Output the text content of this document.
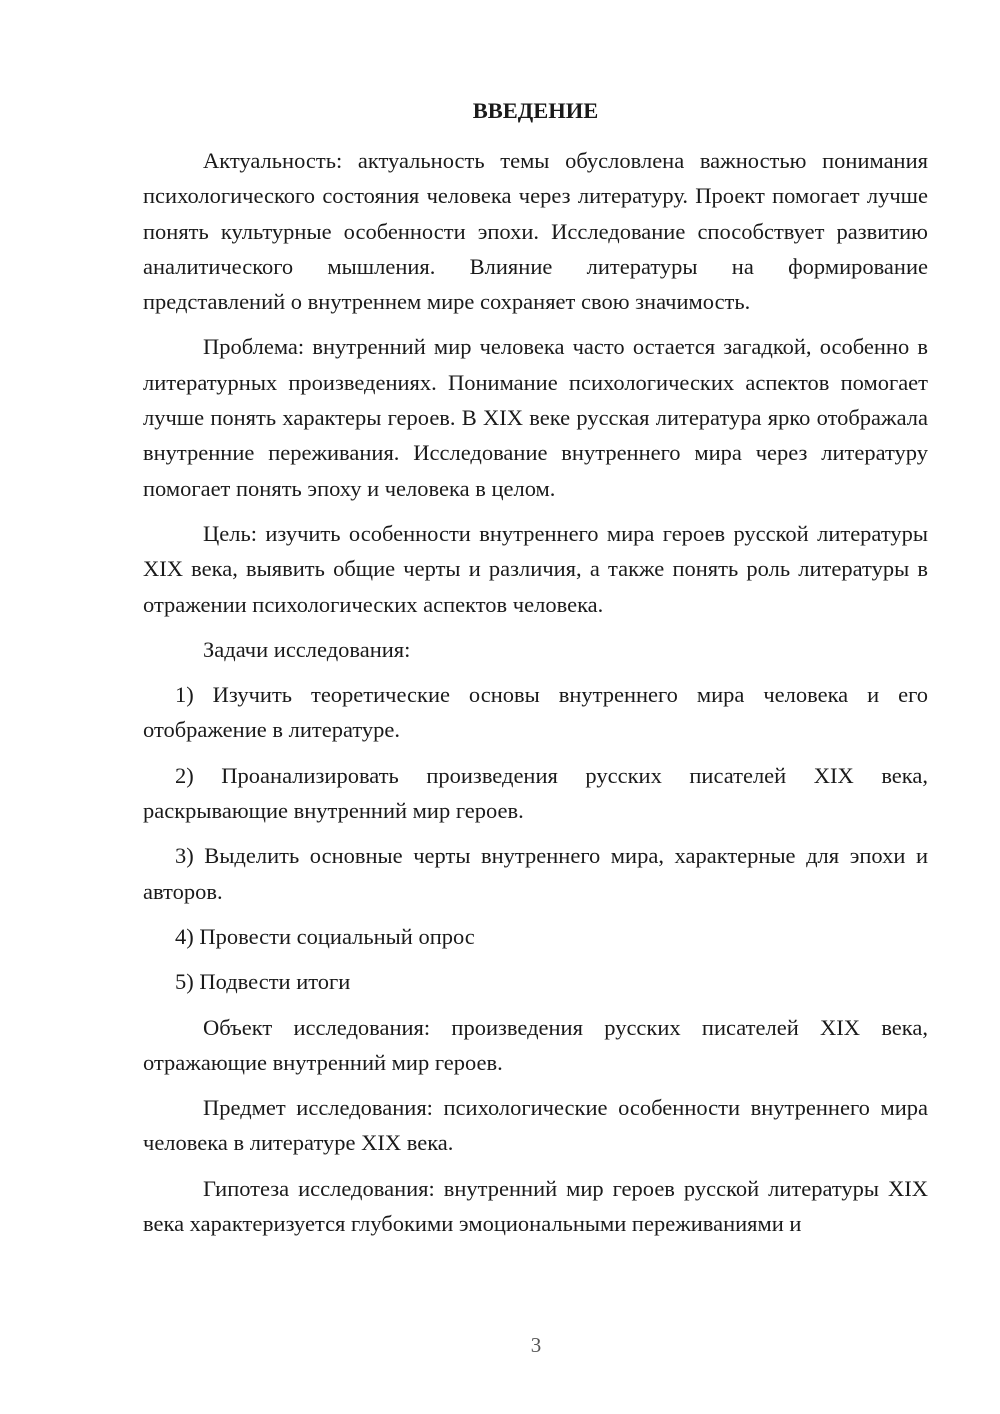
ВВЕДЕНИЕ

Актуальность: актуальность темы обусловлена важностью понимания психологического состояния человека через литературу. Проект помогает лучше понять культурные особенности эпохи. Исследование способствует развитию аналитического мышления. Влияние литературы на формирование представлений о внутреннем мире сохраняет свою значимость.

Проблема: внутренний мир человека часто остается загадкой, особенно в литературных произведениях. Понимание психологических аспектов помогает лучше понять характеры героев. В XIX веке русская литература ярко отображала внутренние переживания. Исследование внутреннего мира через литературу помогает понять эпоху и человека в целом.

Цель: изучить особенности внутреннего мира героев русской литературы XIX века, выявить общие черты и различия, а также понять роль литературы в отражении психологических аспектов человека.

Задачи исследования:

1) Изучить теоретические основы внутреннего мира человека и его отображение в литературе.

2) Проанализировать произведения русских писателей XIX века, раскрывающие внутренний мир героев.

3) Выделить основные черты внутреннего мира, характерные для эпохи и авторов.

4) Провести социальный опрос

5) Подвести итоги

Объект исследования: произведения русских писателей XIX века, отражающие внутренний мир героев.

Предмет исследования: психологические особенности внутреннего мира человека в литературе XIX века.

Гипотеза исследования: внутренний мир героев русской литературы XIX века характеризуется глубокими эмоциональными переживаниями и

3
